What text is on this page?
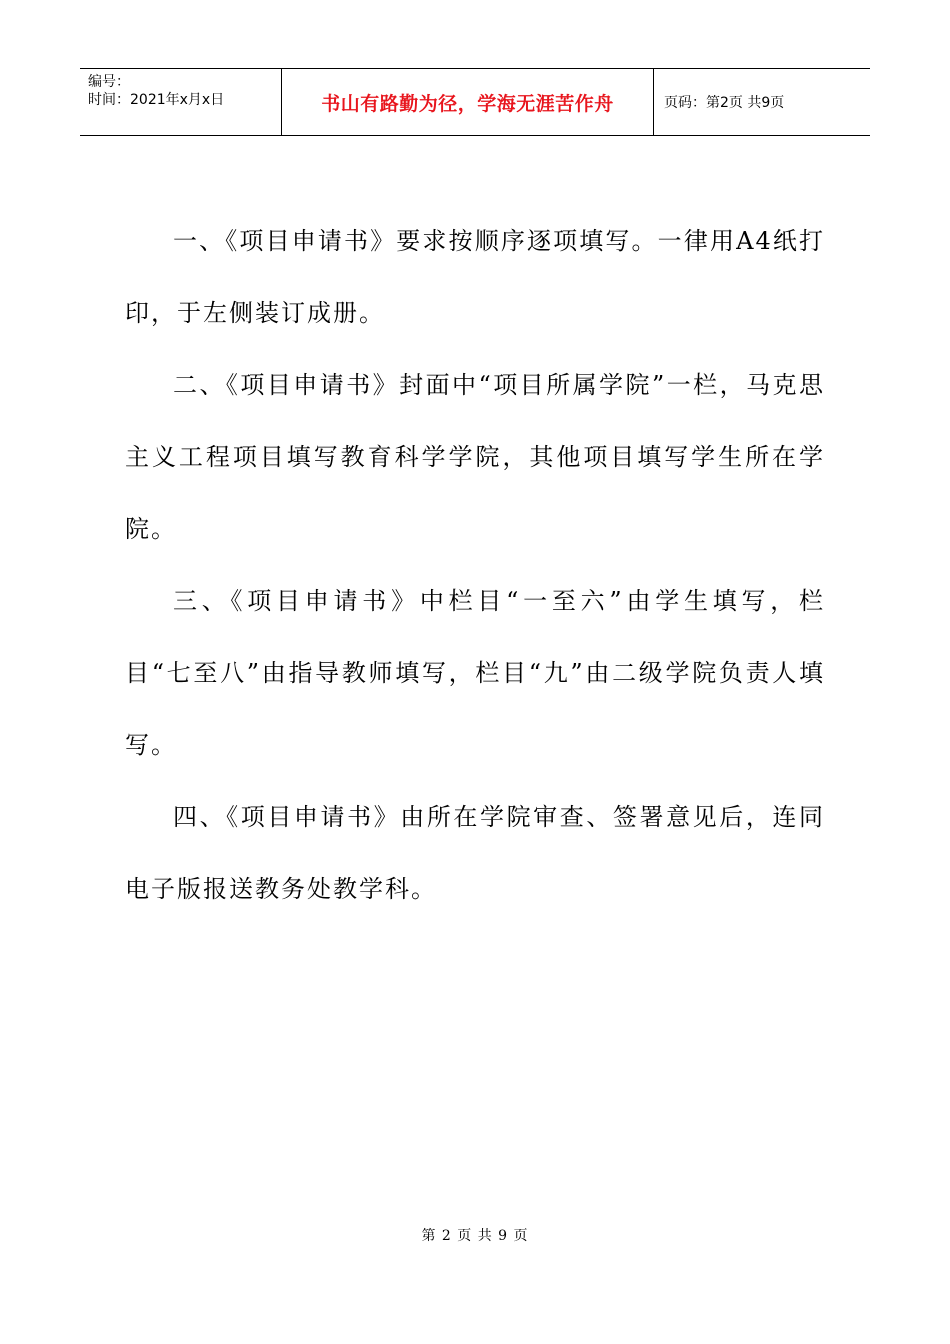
编号：
时间：2021年x月x日	书山有路勤为径，学海无涯苦作舟	页码：第2页 共9页

一、《项目申请书》要求按顺序逐项填写。一律用A4纸打印，于左侧装订成册。

二、《项目申请书》封面中“项目所属学院”一栏，马克思主义工程项目填写教育科学学院，其他项目填写学生所在学院。

三、《项目申请书》中栏目“一至六”由学生填写，栏目“七至八”由指导教师填写，栏目“九”由二级学院负责人填写。

四、《项目申请书》由所在学院审查、签署意见后，连同电子版报送教务处教学科。

第 2 页 共 9 页
